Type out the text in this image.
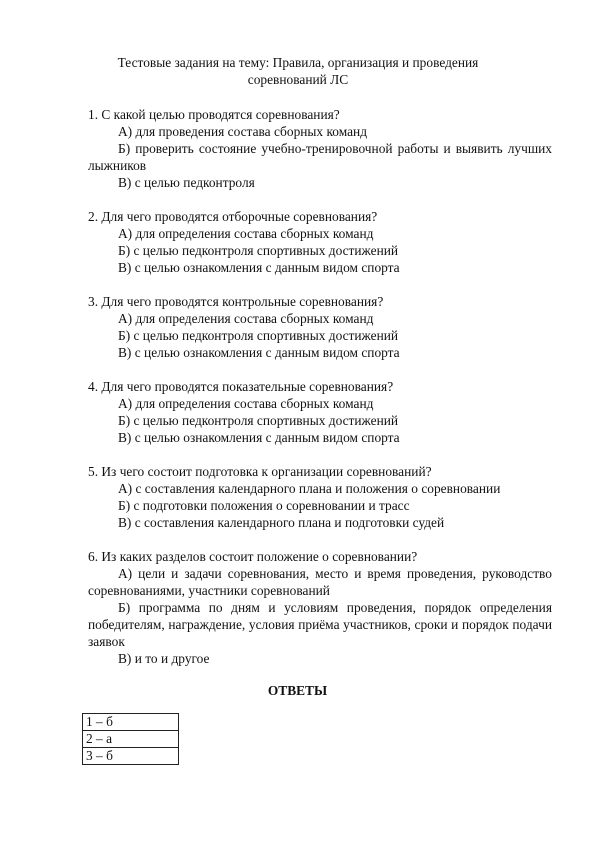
Тестовые задания на тему: Правила, организация и проведения
соревнований ЛС

1. С какой целью проводятся соревнования?

А) для проведения состава сборных команд

Б) проверить состояние учебно-тренировочной работы и выявить лучших лыжников

В) с целью педконтроля

2. Для чего проводятся отборочные соревнования?

А) для определения состава сборных команд

Б) с целью педконтроля спортивных достижений

В) с целью ознакомления с данным видом спорта

3. Для чего проводятся контрольные соревнования?

А) для определения состава сборных команд

Б) с целью педконтроля спортивных достижений

В) с целью ознакомления с данным видом спорта

4. Для чего проводятся показательные соревнования?

А) для определения состава сборных команд

Б) с целью педконтроля спортивных достижений

В) с целью ознакомления с данным видом спорта

5. Из чего состоит подготовка к организации соревнований?

А) с составления календарного плана и положения о соревновании

Б) с подготовки положения о соревновании и трасс

В) с составления календарного плана и подготовки судей

6. Из каких разделов состоит положение о соревновании?

А) цели и задачи соревнования, место и время проведения, руководство соревнованиями, участники соревнований

Б) программа по дням и условиям проведения, порядок определения победителям, награждение, условия приёма участников, сроки и порядок подачи заявок

В) и то и другое

ОТВЕТЫ
1 – б
2 – а
3 – б
